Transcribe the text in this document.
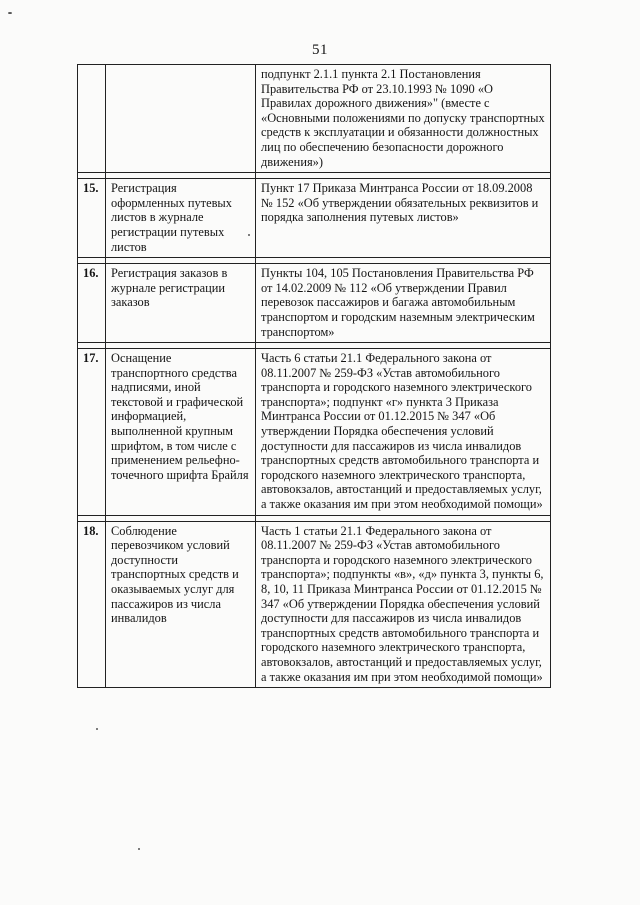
51
		подпункт 2.1.1 пункта 2.1 Постановления Правительства РФ от 23.10.1993 № 1090 «О Правилах дорожного движения»" (вместе с «Основными положениями по допуску транспортных средств к эксплуатации и обязанности должностных лиц по обеспечению безопасности дорожного движения»)

15.	Регистрация оформленных путевых листов в журнале регистрации путевых листов	Пункт 17 Приказа Минтранса России от 18.09.2008 № 152 «Об утверждении обязательных реквизитов и порядка заполнения путевых листов»

16.	Регистрация заказов в журнале регистрации заказов	Пункты 104, 105 Постановления Правительства РФ от 14.02.2009 № 112 «Об утверждении Правил перевозок пассажиров и багажа автомобильным транспортом и городским наземным электрическим транспортом»

17.	Оснащение транспортного средства надписями, иной текстовой и графической информацией, выполненной крупным шрифтом, в том числе с применением рельефно-точечного шрифта Брайля	Часть 6 статьи 21.1 Федерального закона от 08.11.2007 № 259-ФЗ «Устав автомобильного транспорта и городского наземного электрического транспорта»; подпункт «г» пункта 3 Приказа Минтранса России от 01.12.2015 № 347 «Об утверждении Порядка обеспечения условий доступности для пассажиров из числа инвалидов транспортных средств автомобильного транспорта и городского наземного электрического транспорта, автовокзалов, автостанций и предоставляемых услуг, а также оказания им при этом необходимой помощи»

18.	Соблюдение перевозчиком условий доступности транспортных средств и оказываемых услуг для пассажиров из числа инвалидов	Часть 1 статьи 21.1 Федерального закона от 08.11.2007 № 259-ФЗ «Устав автомобильного транспорта и городского наземного электрического транспорта»; подпункты «в», «д» пункта 3, пункты 6, 8, 10, 11 Приказа Минтранса России от 01.12.2015 № 347 «Об утверждении Порядка обеспечения условий доступности для пассажиров из числа инвалидов транспортных средств автомобильного транспорта и городского наземного электрического транспорта, автовокзалов, автостанций и предоставляемых услуг, а также оказания им при этом необходимой помощи»
